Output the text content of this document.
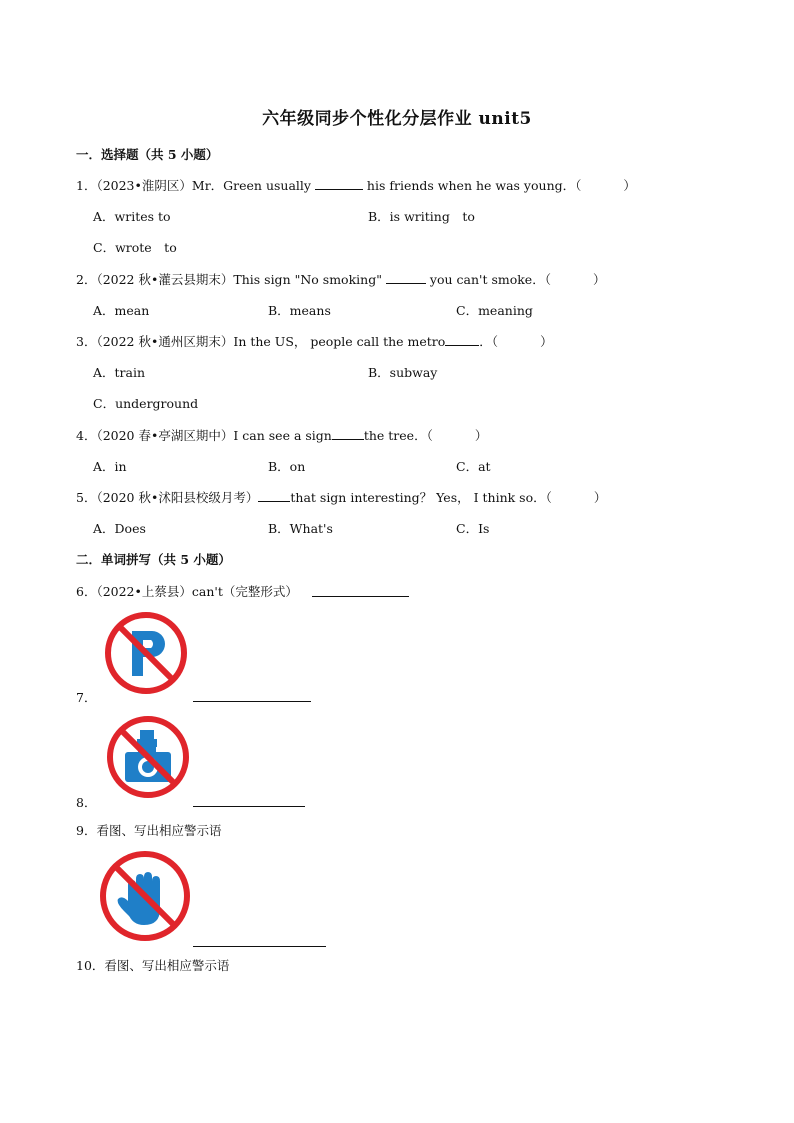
六年级同步个性化分层作业 unit5
一．选择题（共 5 小题）
1．（2023•淮阴区）Mr．Green usually	his friends when he was young．（	）
A．writes to	B．is writing　to
C．wrote　to
2．（2022 秋•灌云县期末）This sign "No smoking"	you can't smoke．（	）
A．mean	B．means	C．meaning
3．（2022 秋•通州区期末）In the US， people call the metro	．（	）
A．train	B．subway
C．underground
4．（2020 春•亭湖区期中）I can see a sign	the tree．（	）
A．in	B．on	C．at
5．（2020 秋•沭阳县校级月考）	that sign interesting？ Yes， I think so．（	）
A．Does	B．What's	C．Is
二．单词拼写（共 5 小题）
6．（2022•上蔡县）can't（完整形式）
7．
8．
9．看图、写出相应警示语
10．看图、写出相应警示语
